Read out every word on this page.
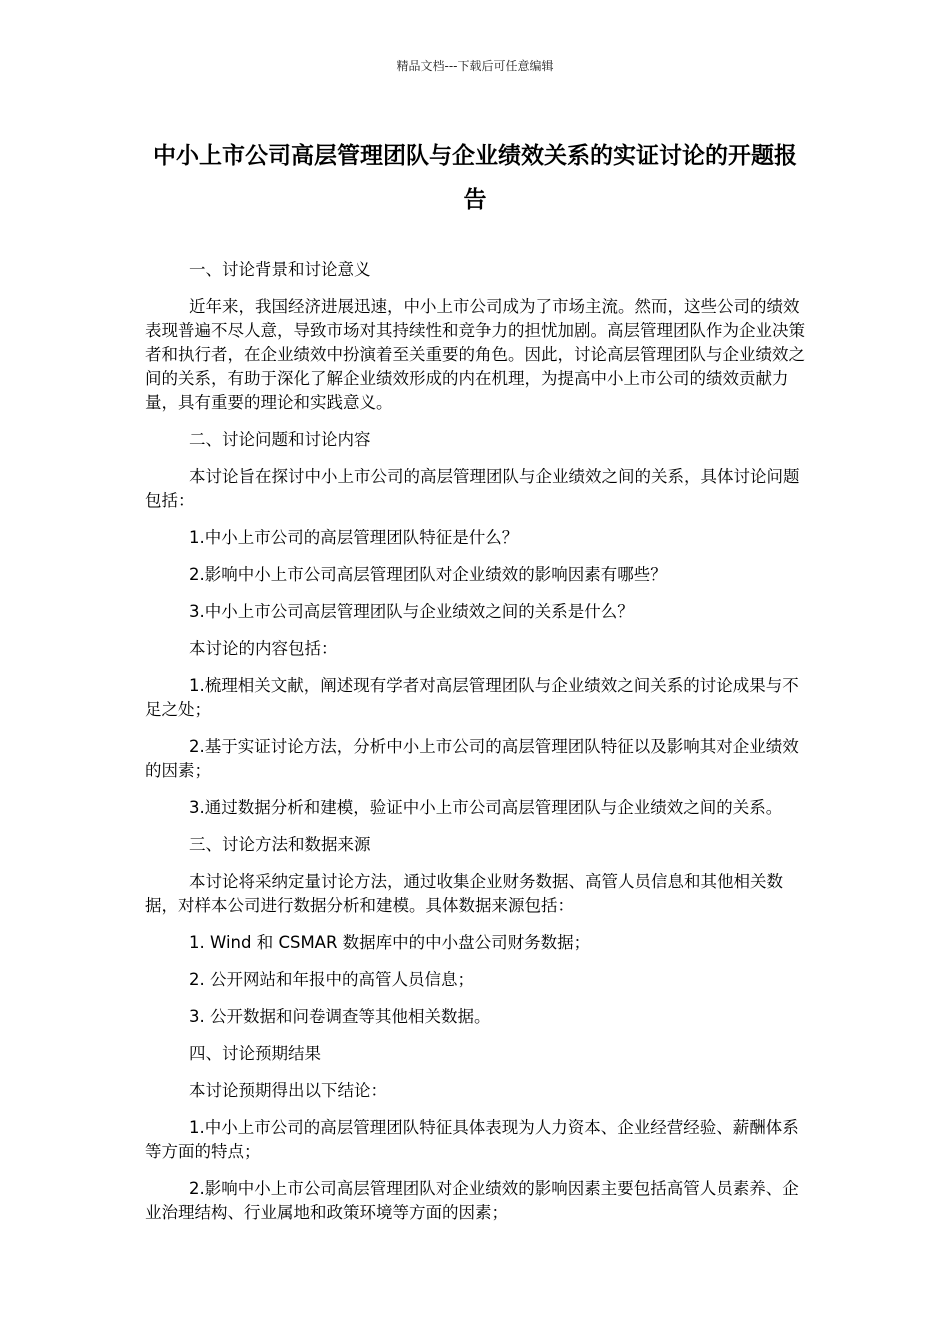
精品文档---下载后可任意编辑
中小上市公司高层管理团队与企业绩效关系的实证讨论的开题报告

一、讨论背景和讨论意义

近年来，我国经济进展迅速，中小上市公司成为了市场主流。然而，这些公司的绩效表现普遍不尽人意，导致市场对其持续性和竞争力的担忧加剧。高层管理团队作为企业决策者和执行者，在企业绩效中扮演着至关重要的角色。因此，讨论高层管理团队与企业绩效之间的关系，有助于深化了解企业绩效形成的内在机理，为提高中小上市公司的绩效贡献力量，具有重要的理论和实践意义。

二、讨论问题和讨论内容

本讨论旨在探讨中小上市公司的高层管理团队与企业绩效之间的关系，具体讨论问题包括：

1.中小上市公司的高层管理团队特征是什么？

2.影响中小上市公司高层管理团队对企业绩效的影响因素有哪些？

3.中小上市公司高层管理团队与企业绩效之间的关系是什么？

本讨论的内容包括：

1.梳理相关文献，阐述现有学者对高层管理团队与企业绩效之间关系的讨论成果与不足之处；

2.基于实证讨论方法，分析中小上市公司的高层管理团队特征以及影响其对企业绩效的因素；

3.通过数据分析和建模，验证中小上市公司高层管理团队与企业绩效之间的关系。

三、讨论方法和数据来源

本讨论将采纳定量讨论方法，通过收集企业财务数据、高管人员信息和其他相关数据，对样本公司进行数据分析和建模。具体数据来源包括：

1. Wind 和 CSMAR 数据库中的中小盘公司财务数据；

2. 公开网站和年报中的高管人员信息；

3. 公开数据和问卷调查等其他相关数据。

四、讨论预期结果

本讨论预期得出以下结论：

1.中小上市公司的高层管理团队特征具体表现为人力资本、企业经营经验、薪酬体系等方面的特点；

2.影响中小上市公司高层管理团队对企业绩效的影响因素主要包括高管人员素养、企业治理结构、行业属地和政策环境等方面的因素；
